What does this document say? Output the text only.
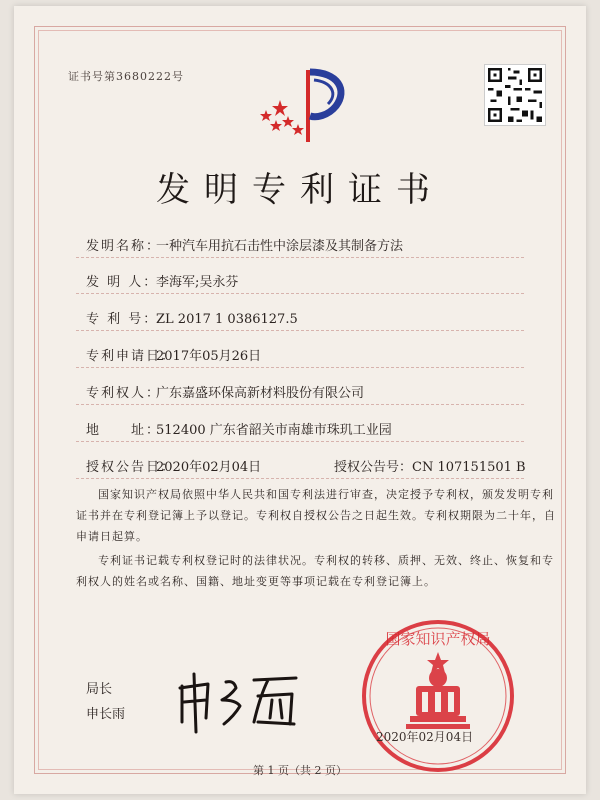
证书号第3680222号
发明专利证书
发明名称：一种汽车用抗石击性中涂层漆及其制备方法
发 明 人：李海军;吴永芬
专 利 号：ZL 2017 1 0386127.5
专利申请日：2017年05月26日
专利权人：广东嘉盛环保高新材料股份有限公司
地　　址：512400 广东省韶关市南雄市珠玑工业园
授权公告日：2020年02月04日	授权公告号：CN 107151501 B
国家知识产权局依照中华人民共和国专利法进行审查，决定授予专利权，颁发发明专利证书并在专利登记簿上予以登记。专利权自授权公告之日起生效。专利权期限为二十年，自申请日起算。
专利证书记载专利权登记时的法律状况。专利权的转移、质押、无效、终止、恢复和专利权人的姓名或名称、国籍、地址变更等事项记载在专利登记簿上。
局长
申长雨
国家知识产权局
2020年02月04日
第 1 页（共 2 页）
